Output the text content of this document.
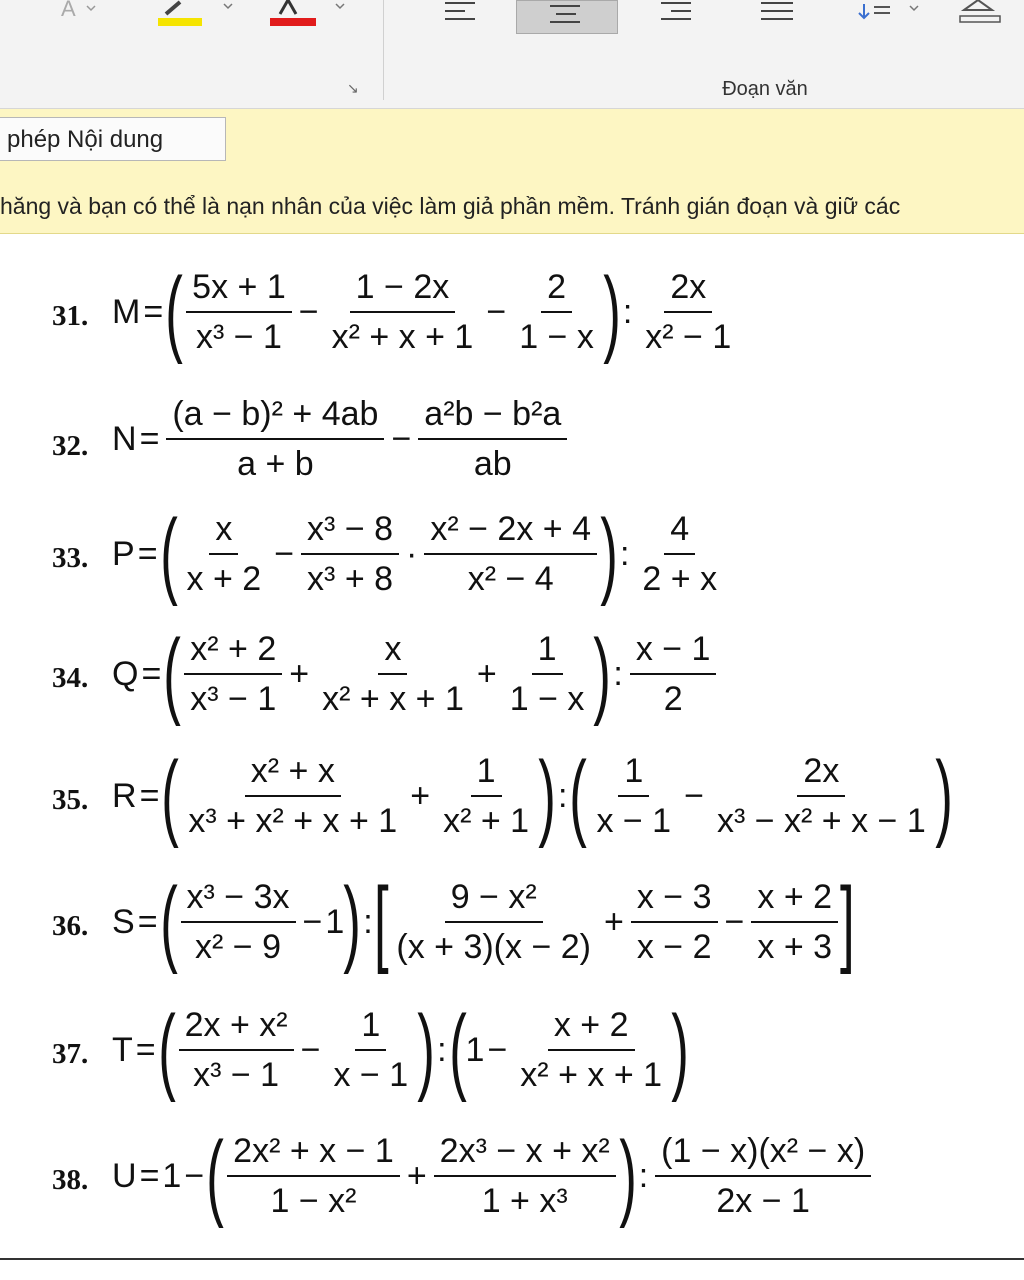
A
↘	Đoạn văn
phép Nội dung
hăng và bạn có thể là nạn nhân của việc làm giả phần mềm. Tránh gián đoạn và giữ các
31. M = ( $\frac{5x + 1}{\text{x³ − 1}} - \frac{1 - 2x}{\text{x² + x + 1}} - \frac{2}{1 - x}$ ) : $\frac{2x}{\text{x² − 1}}$
32. $N = \frac{\text{(a − b)² + 4ab}}{a + b} - \frac{\text{a²b − b²a}}{ab}$
33. P = ( $\frac{x}{x + 2} - \frac{\text{x³ − 8}}{\text{x³ + 8}} \cdot \frac{\text{x² − 2x + 4}}{\text{x² − 4}}$ ) : $\frac{4}{2 + x}$
34. Q = ( $\frac{\text{x² + 2}}{\text{x³ − 1}} + \frac{x}{\text{x² + x + 1}} + \frac{1}{1 - x}$ ) : $\frac{x - 1}{2}$
35. R = ( $\frac{\text{x² + x}}{\text{x³ + x² + x + 1}} + \frac{1}{\text{x² + 1}}$ ) : ( $\frac{1}{x - 1} - \frac{2x}{\text{x³ − x² + x − 1}}$ )
36. S = ( $\frac{\text{x³ − 3x}}{\text{x² − 9}} - 1$ ) : [ $\frac{\text{9 − x²}}{(x + 3)(x - 2)} + \frac{x - 3}{x - 2} - \frac{x + 2}{x + 3}$ ]
37. T = ( $\frac{\text{2x + x²}}{\text{x³ − 1}} - \frac{1}{x - 1}$ ) : ( $1 - \frac{x + 2}{\text{x² + x + 1}}$ )
38. U = 1 − ( $\frac{\text{2x² + x − 1}}{\text{1 − x²}} + \frac{\text{2x³ − x + x²}}{\text{1 + x³}}$ ) : $\frac{\text{(1 − x)(x² − x)}}{2x - 1}$
